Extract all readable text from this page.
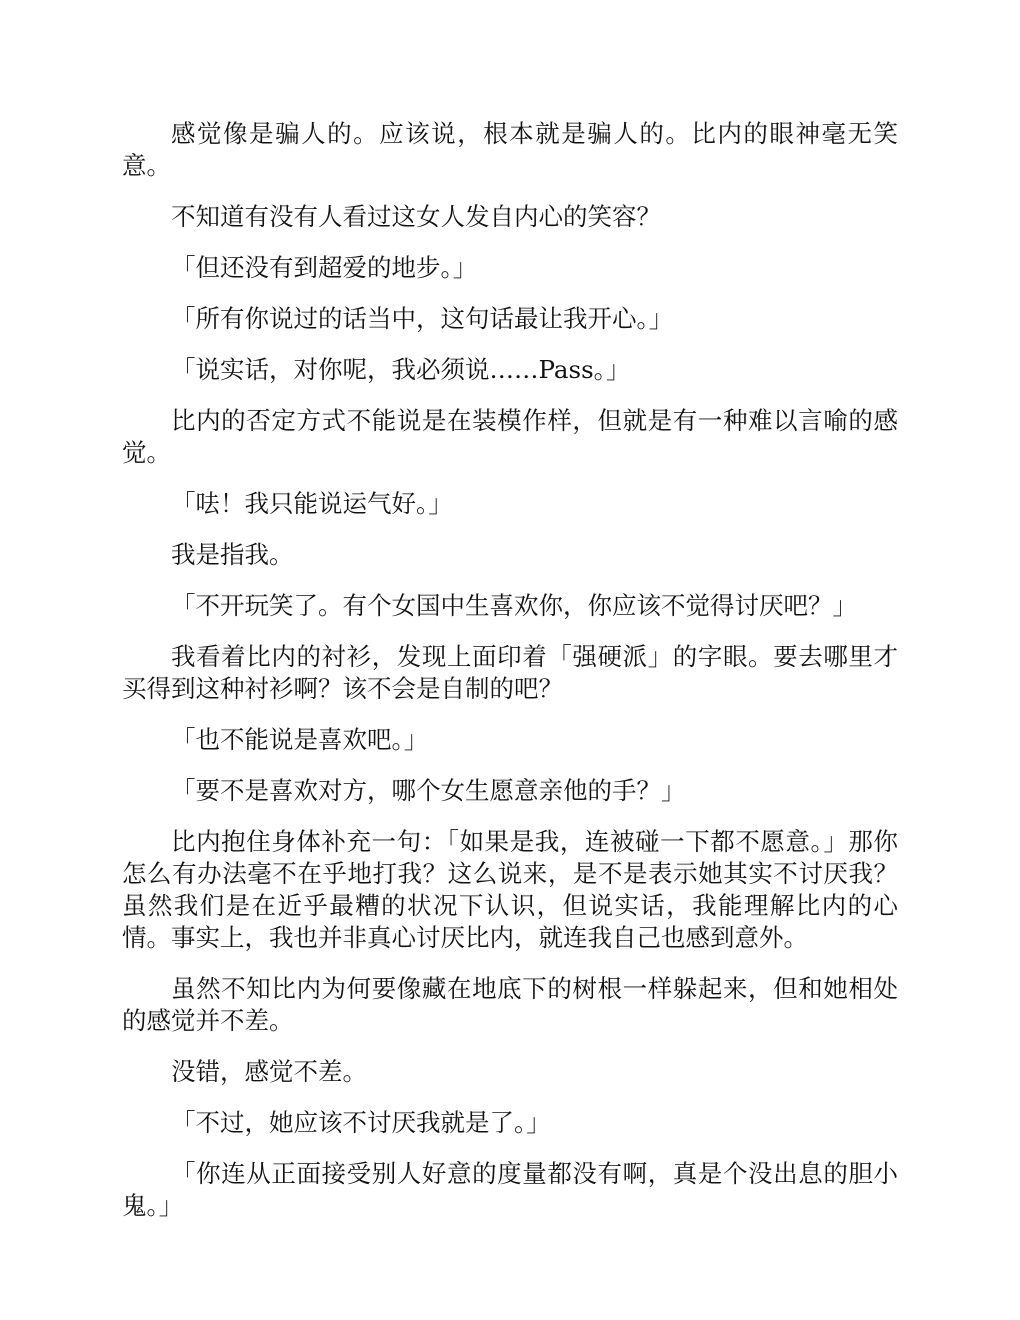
感觉像是骗人的。应该说，根本就是骗人的。比内的眼神毫无笑意。

不知道有没有人看过这女人发自内心的笑容？

「但还没有到超爱的地步。」

「所有你说过的话当中，这句话最让我开心。」

「说实话，对你呢，我必须说……Pass。」

比内的否定方式不能说是在装模作样，但就是有一种难以言喻的感觉。

「呿！我只能说运气好。」

我是指我。

「不开玩笑了。有个女国中生喜欢你，你应该不觉得讨厌吧？」

我看着比内的衬衫，发现上面印着「强硬派」的字眼。要去哪里才买得到这种衬衫啊？该不会是自制的吧？

「也不能说是喜欢吧。」

「要不是喜欢对方，哪个女生愿意亲他的手？」

比内抱住身体补充一句：「如果是我，连被碰一下都不愿意。」那你怎么有办法毫不在乎地打我？这么说来，是不是表示她其实不讨厌我？虽然我们是在近乎最糟的状况下认识，但说实话，我能理解比内的心情。事实上，我也并非真心讨厌比内，就连我自己也感到意外。

虽然不知比内为何要像藏在地底下的树根一样躲起来，但和她相处的感觉并不差。

没错，感觉不差。

「不过，她应该不讨厌我就是了。」

「你连从正面接受别人好意的度量都没有啊，真是个没出息的胆小鬼。」
